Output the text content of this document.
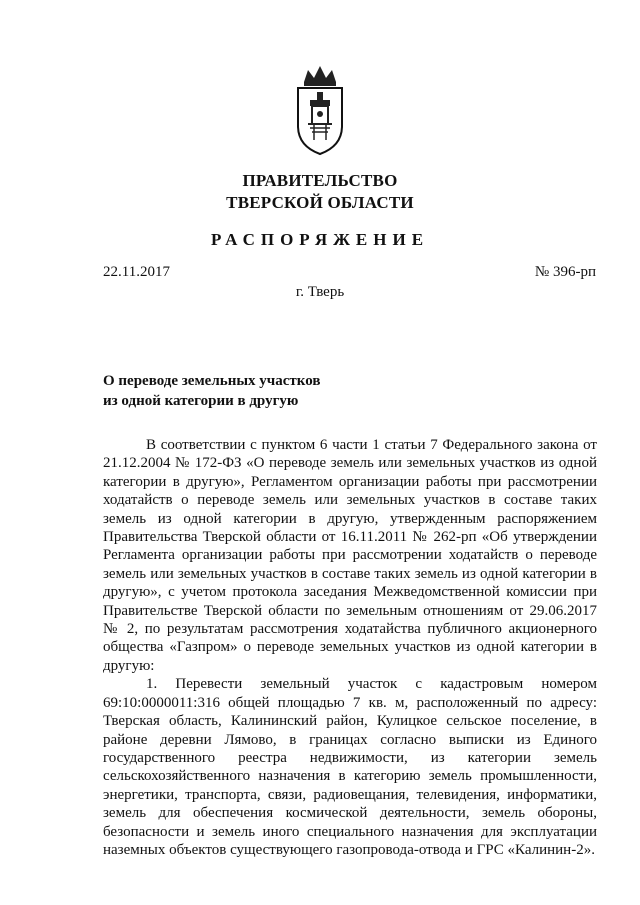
ПРАВИТЕЛЬСТВО
ТВЕРСКОЙ ОБЛАСТИ
РАСПОРЯЖЕНИЕ
22.11.2017	№ 396-рп
г. Тверь
О переводе земельных участков
из одной категории в другую

В соответствии с пунктом 6 части 1 статьи 7 Федерального закона от 21.12.2004 № 172-ФЗ «О переводе земель или земельных участков из одной категории в другую», Регламентом организации работы при рассмотрении ходатайств о переводе земель или земельных участков в составе таких земель из одной категории в другую, утвержденным распоряжением Правительства Тверской области от 16.11.2011 № 262-рп «Об утверждении Регламента организации работы при рассмотрении ходатайств о переводе земель или земельных участков в составе таких земель из одной категории в другую», с учетом протокола заседания Межведомственной комиссии при Правительстве Тверской области по земельным отношениям от 29.06.2017 № 2, по результатам рассмотрения ходатайства публичного акционерного общества «Газпром» о переводе земельных участков из одной категории в другую:

1. Перевести земельный участок с кадастровым номером 69:10:0000011:316 общей площадью 7 кв. м, расположенный по адресу: Тверская область, Калининский район, Кулицкое сельское поселение, в районе деревни Лямово, в границах согласно выписки из Единого государственного реестра недвижимости, из категории земель сельскохозяйственного назначения в категорию земель промышленности, энергетики, транспорта, связи, радиовещания, телевидения, информатики, земель для обеспечения космической деятельности, земель обороны, безопасности и земель иного специального назначения для эксплуатации наземных объектов существующего газопровода-отвода и ГРС «Калинин-2».
